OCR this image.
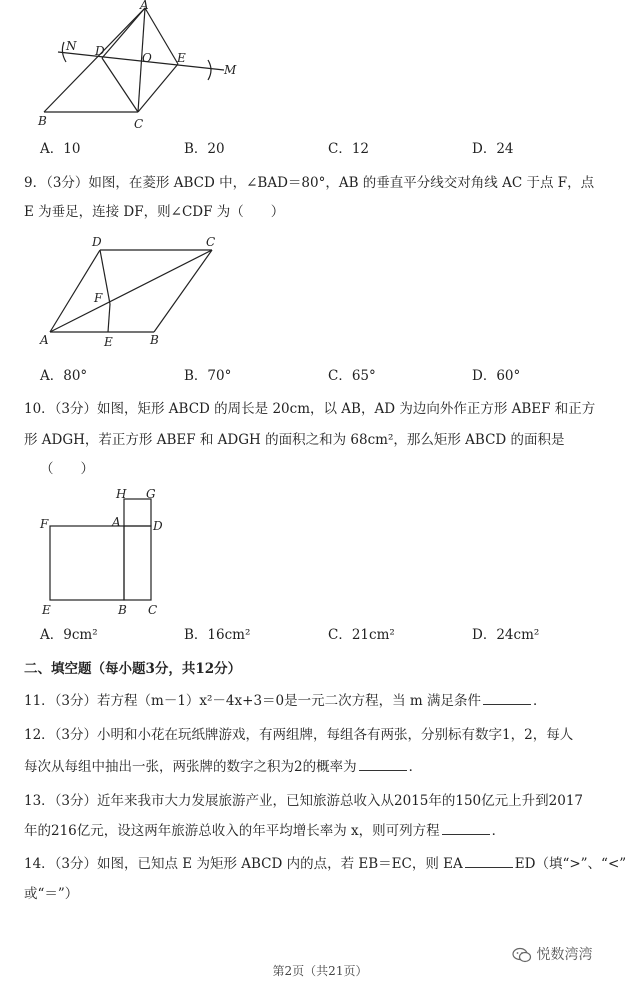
A
N D	O E
M
B	C
A．10	B．20	C．12	D．24
9．（3分）如图，在菱形 ABCD 中，∠BAD＝80°，AB 的垂直平分线交对角线 AC 于点 F，点
E 为垂足，连接 DF，则∠CDF 为（　　）
D	C
F
A	E	B
A．80°	B．70°	C．65°	D．60°
10．（3分）如图，矩形 ABCD 的周长是 20cm，以 AB，AD 为边向外作正方形 ABEF 和正方
形 ADGH，若正方形 ABEF 和 ADGH 的面积之和为 68cm²，那么矩形 ABCD 的面积是
（　　）
H G
F	A	D
E	B C
A．9cm²	B．16cm²	C．21cm²	D．24cm²
二、填空题（每小题3分，共12分）
11．（3分）若方程（m－1）x²－4x+3＝0是一元二次方程，当 m 满足条件	．
12．（3分）小明和小花在玩纸牌游戏，有两组牌，每组各有两张，分别标有数字1，2，每人
每次从每组中抽出一张，两张牌的数字之积为2的概率为	．
13．（3分）近年来我市大力发展旅游产业，已知旅游总收入从2015年的150亿元上升到2017
年的216亿元，设这两年旅游总收入的年平均增长率为 x，则可列方程	．
14．（3分）如图，已知点 E 为矩形 ABCD 内的点，若 EB＝EC，则 EA	ED（填“>”、“<”
或“＝”）
悦数湾湾
第2页（共21页）
